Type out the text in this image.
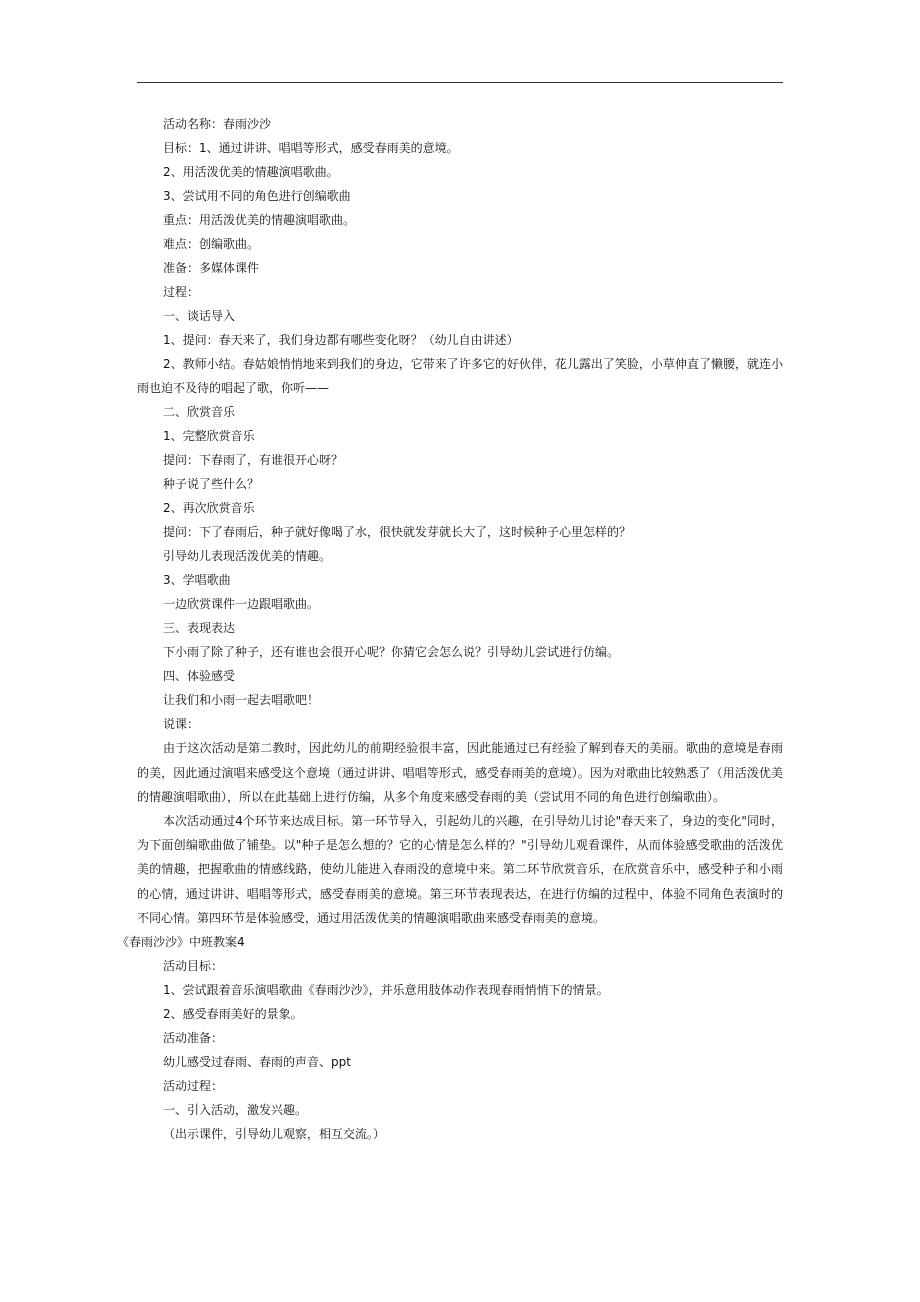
活动名称：春雨沙沙
目标：1、通过讲讲、唱唱等形式，感受春雨美的意境。
2、用活泼优美的情趣演唱歌曲。
3、尝试用不同的角色进行创编歌曲
重点：用活泼优美的情趣演唱歌曲。
难点：创编歌曲。
准备：多媒体课件
过程：
一、谈话导入
1、提问：春天来了，我们身边都有哪些变化呀？（幼儿自由讲述）

2、教师小结。春姑娘悄悄地来到我们的身边，它带来了许多它的好伙伴，花儿露出了笑脸，小草伸直了懒腰，就连小雨也迫不及待的唱起了歌，你听——

二、欣赏音乐
1、完整欣赏音乐
提问：下春雨了，有谁很开心呀？
种子说了些什么？
2、再次欣赏音乐
提问：下了春雨后，种子就好像喝了水，很快就发芽就长大了，这时候种子心里怎样的？
引导幼儿表现活泼优美的情趣。
3、学唱歌曲
一边欣赏课件一边跟唱歌曲。
三、表现表达
下小雨了除了种子，还有谁也会很开心呢？你猜它会怎么说？引导幼儿尝试进行仿编。
四、体验感受
让我们和小雨一起去唱歌吧！
说课：

由于这次活动是第二教时，因此幼儿的前期经验很丰富，因此能通过已有经验了解到春天的美丽。歌曲的意境是春雨的美，因此通过演唱来感受这个意境（通过讲讲、唱唱等形式，感受春雨美的意境）。因为对歌曲比较熟悉了（用活泼优美的情趣演唱歌曲），所以在此基础上进行仿编，从多个角度来感受春雨的美（尝试用不同的角色进行创编歌曲）。

本次活动通过4个环节来达成目标。第一环节导入，引起幼儿的兴趣，在引导幼儿讨论"春天来了，身边的变化"同时，为下面创编歌曲做了铺垫。以"种子是怎么想的？它的心情是怎么样的？"引导幼儿观看课件，从而体验感受歌曲的活泼优美的情趣，把握歌曲的情感线路，使幼儿能进入春雨没的意境中来。第二环节欣赏音乐，在欣赏音乐中，感受种子和小雨的心情，通过讲讲、唱唱等形式，感受春雨美的意境。第三环节表现表达，在进行仿编的过程中，体验不同角色表演时的不同心情。第四环节是体验感受，通过用活泼优美的情趣演唱歌曲来感受春雨美的意境。

《春雨沙沙》中班教案4
活动目标：
1、尝试跟着音乐演唱歌曲《春雨沙沙》，并乐意用肢体动作表现春雨悄悄下的情景。
2、感受春雨美好的景象。
活动准备：
幼儿感受过春雨、春雨的声音、ppt
活动过程：
一、引入活动，激发兴趣。
（出示课件，引导幼儿观察，相互交流。）
